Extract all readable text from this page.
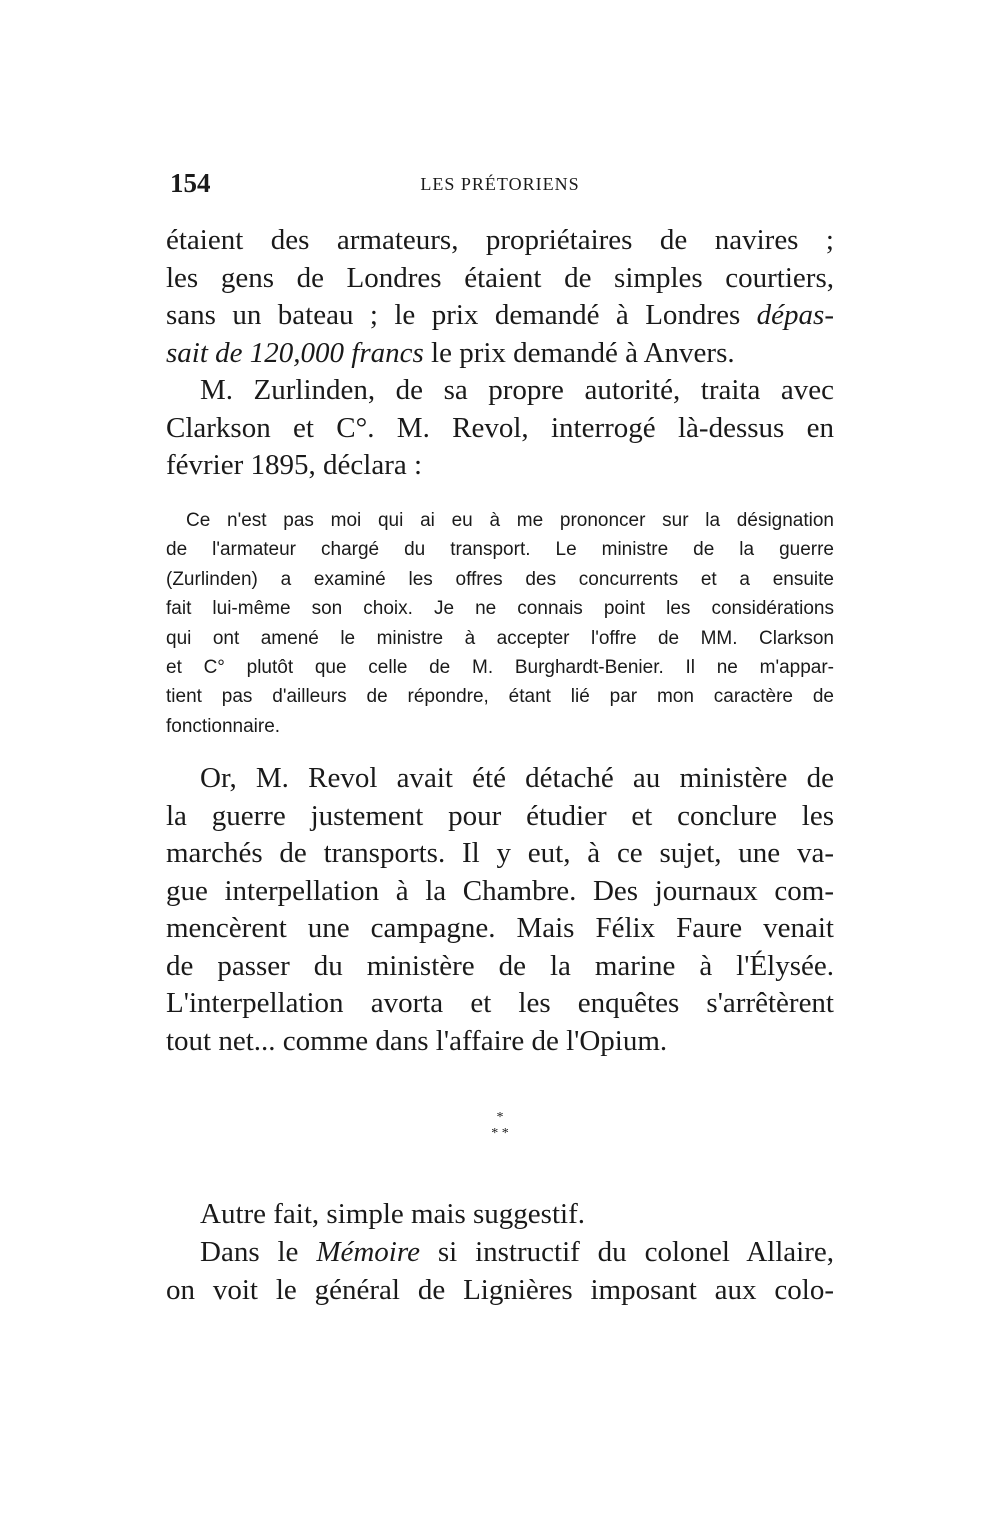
154	LES PRÉTORIENS
étaient des armateurs, propriétaires de navires ;
les gens de Londres étaient de simples courtiers,
sans un bateau ; le prix demandé à Londres dépas-
sait de 120,000 francs le prix demandé à Anvers.
M. Zurlinden, de sa propre autorité, traita avec
Clarkson et C°. M. Revol, interrogé là-dessus en
février 1895, déclara :
Ce n'est pas moi qui ai eu à me prononcer sur la désignation
de l'armateur chargé du transport. Le ministre de la guerre
(Zurlinden) a examiné les offres des concurrents et a ensuite
fait lui-même son choix. Je ne connais point les considérations
qui ont amené le ministre à accepter l'offre de MM. Clarkson
et C° plutôt que celle de M. Burghardt-Benier. Il ne m'appar-
tient pas d'ailleurs de répondre, étant lié par mon caractère de
fonctionnaire.
Or, M. Revol avait été détaché au ministère de
la guerre justement pour étudier et conclure les
marchés de transports. Il y eut, à ce sujet, une va-
gue interpellation à la Chambre. Des journaux com-
mencèrent une campagne. Mais Félix Faure venait
de passer du ministère de la marine à l'Élysée.
L'interpellation avorta et les enquêtes s'arrêtèrent
tout net... comme dans l'affaire de l'Opium.
*
* *
Autre fait, simple mais suggestif.
Dans le Mémoire si instructif du colonel Allaire,
on voit le général de Lignières imposant aux colo-
